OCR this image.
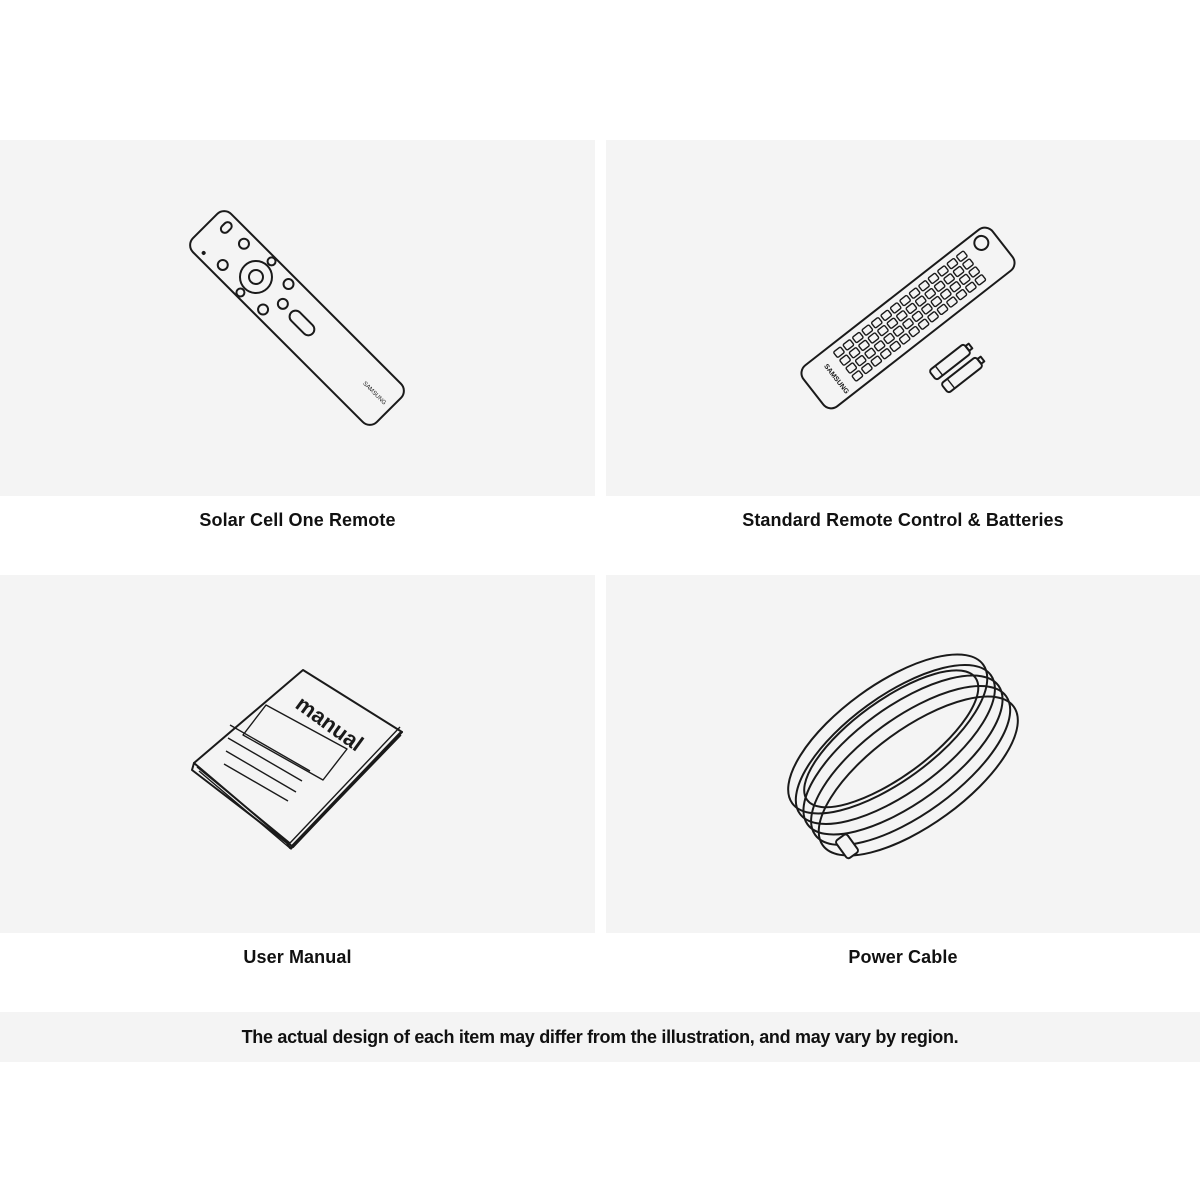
SAMSUNG	SAMSUNG
manual
Solar Cell One Remote	Standard Remote Control & Batteries
User Manual	Power Cable
The actual design of each item may differ from the illustration, and may vary by region.
